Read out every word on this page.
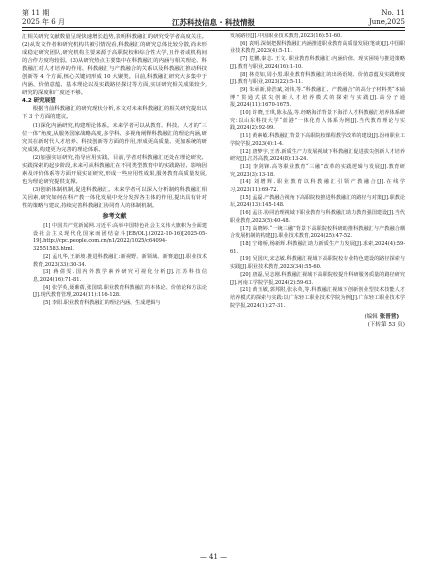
第 11 期
2025 年 6 月	江苏科技信息 · 科技情报
No. 11
June,2025

汇相关研究文献数量呈现快速增长趋势,表明科教融汇的研究受学者高度关注。(2)从发文作者和研究机构共被引情况看,科教融汇的研究总体比较分散,尚未形成稳定研究团队,研究机构主要来源于高职院校和综合性大学,且作者或机构间的合作方度均较弱。(3)从研究热点主要集中在科教融汇的内涵与相关理论、科教融汇对人才培养的作用、科教融汇与产教融合的关系以及科教融汇推动科技创新等 4 个方面,核心关键词形成 10 大聚类。目前,科教融汇研究大多集中于内涵、价值意蕴、基本理论以及实践路径探讨等方面,实证研究相关成果较少,研究的深度和广度还不够。

4.2 研究展望

根据当前科教融汇的研究现状分析,本文对未来科教融汇的相关研究提出以下 3 个方面的建议。

(1)深化内涵研究,构建理论体系。未来学者可以从教育、科技、人才的“三位一体”角度,从服务国家战略高度,多学科、多视角阐释科教融汇的理论内涵,研究其在新时代人才培养、科技创新等方面的作用,形成更高质量、更加系统的研究成果,构建更为完善的理论体系。

(2)加强实证研究,指导应用实践。目前,学者对科教融汇还处在理论研究、实践探索的起步阶段,未来可从科教融汇在不同类型教育中的实践路径、影响因素及评价体系等方面开展实证研究,形成一些应用性成果,服务教育高质量发展,也为理论研究提供支撑。

(3)创新体制机制,促进科教融汇。未来学者可以深入分析制约科教融汇相关因素,研究如何在科产教一体化发展中充分发挥各主体的作用,提出具有针对性的策略与建议,持续完善科教融汇协同育人的体制机制。

参考文献

[1] 中国共产党新闻网.习近平:高举中国特色社会主义伟大旗帜为全面建设社会主义现代化国家而团结奋斗[EB/OL].(2022-10-16)[2025-05-19].http://cpc.people.com.cn/n1/2022/1025/c64094-32551583.html.

[2] 孟凡华,王新坡.推进科教融汇:新视野、新领域、新赛道[J].职业技术教育,2023(33):30-34.

[3] 蒋倩雯.国内外教学素养研究可视化分析[J].江苏科技信息,2024(16):71-81.

[4] 张学英,聂紫蒨,张国瑞.职业教育科教融汇的本体论、价值论和方法论[J].现代教育管理,2024(11):116-128.

[5] 李阳.职业教育科教融汇的理论内涵、生成逻辑与

发展路径[J].中国职业技术教育,2023(16):51-60.

[6] 袁明.深刻把握科教融汇内涵推进职业教育高质量发展(笔谈)[J].中国职业技术教育,2023(4):5-11.

[7] 危鹏,秦志. 王文. 职业教育科教融汇:内涵价值、现实困境与推进策略[J].教育与职业,2024(16):1-10.

[8] 林竞如,周小黑.职业教育科教融汇的出场语境、价值意蕴及实践维度[J].教育与职业,2023(22):5-11.

[9] 朱承新,徐浩斌,刘伟,等.“科教融汇、产教融合”的高分子材料类“本硕博”贯通式拔尖创新人才培养模式的探索与实践[J].高分子通报,2024(11):1670-1675.

[10] 许晓,王琪,陈永晶,等.经略海洋背景下海洋人才科教融汇培养体系研究:以山东科技大学“蓝港”一体化育人体系为例[J].当代教育理论与实践,2024(2):92-99.

[11] 黄素敏.科教融汇背景下高职院校课程教学改革的建设[J].汾州职业工学院学报,2023(4):1-4.

[12] 唐梦宇,王青.新质生产力发展视域下科教融汇促进拔尖创新人才培养研究[J].江苏高教,2024(8):13-24.

[13] 李剑锋.高等职业教育“三融”改革的实践逻辑与发展[J].教育研究,2023(3):13-18.

[14] 刘增辉.职业教育以科教融汇引领产教融合[J].在线学习,2023(11):69-72.

[15] 孟磊.产教融合视角下高职院校推进科教融汇的路径与对策[J].职教论坛,2024(13):145-148.

[16] 孟注.协同治理视域下职业教育与科教融汇助力教育强国建设[J].当代职业教育,2023(5):40-48.

[17] 高晓婷.“一统三融”背景下高职院校科研助推科教融汇与产教融合耦合发展机制的构建[J].职业技术教育,2024(25):47-52.

[18] 宁绪桥,杨新辉.科教融汇助力新质生产力发展[J].求索,2024(4):59-61.

[19] 吴国庆,宋志敏.科教融汇视域下高职院校专业特色建设的路径探索与实践[J].职业技术教育,2023(34):55-60.

[20] 唐磊,吴志刚.科教融汇视域下高职院校提升科研服务质量的路径研究[J].河南工学院学报,2024(2):59-63.

[21] 黄玉敏,郭邦附,张永英,等.科教融汇视域下创新创业型技术技能人才培养模式的探索与实践:以广东轻工职业技术学院为例[J].广东轻工职业技术学院学报,2024(1):27-31.

(编辑 张晋营)
(下转第 53 页)
— 41 —
